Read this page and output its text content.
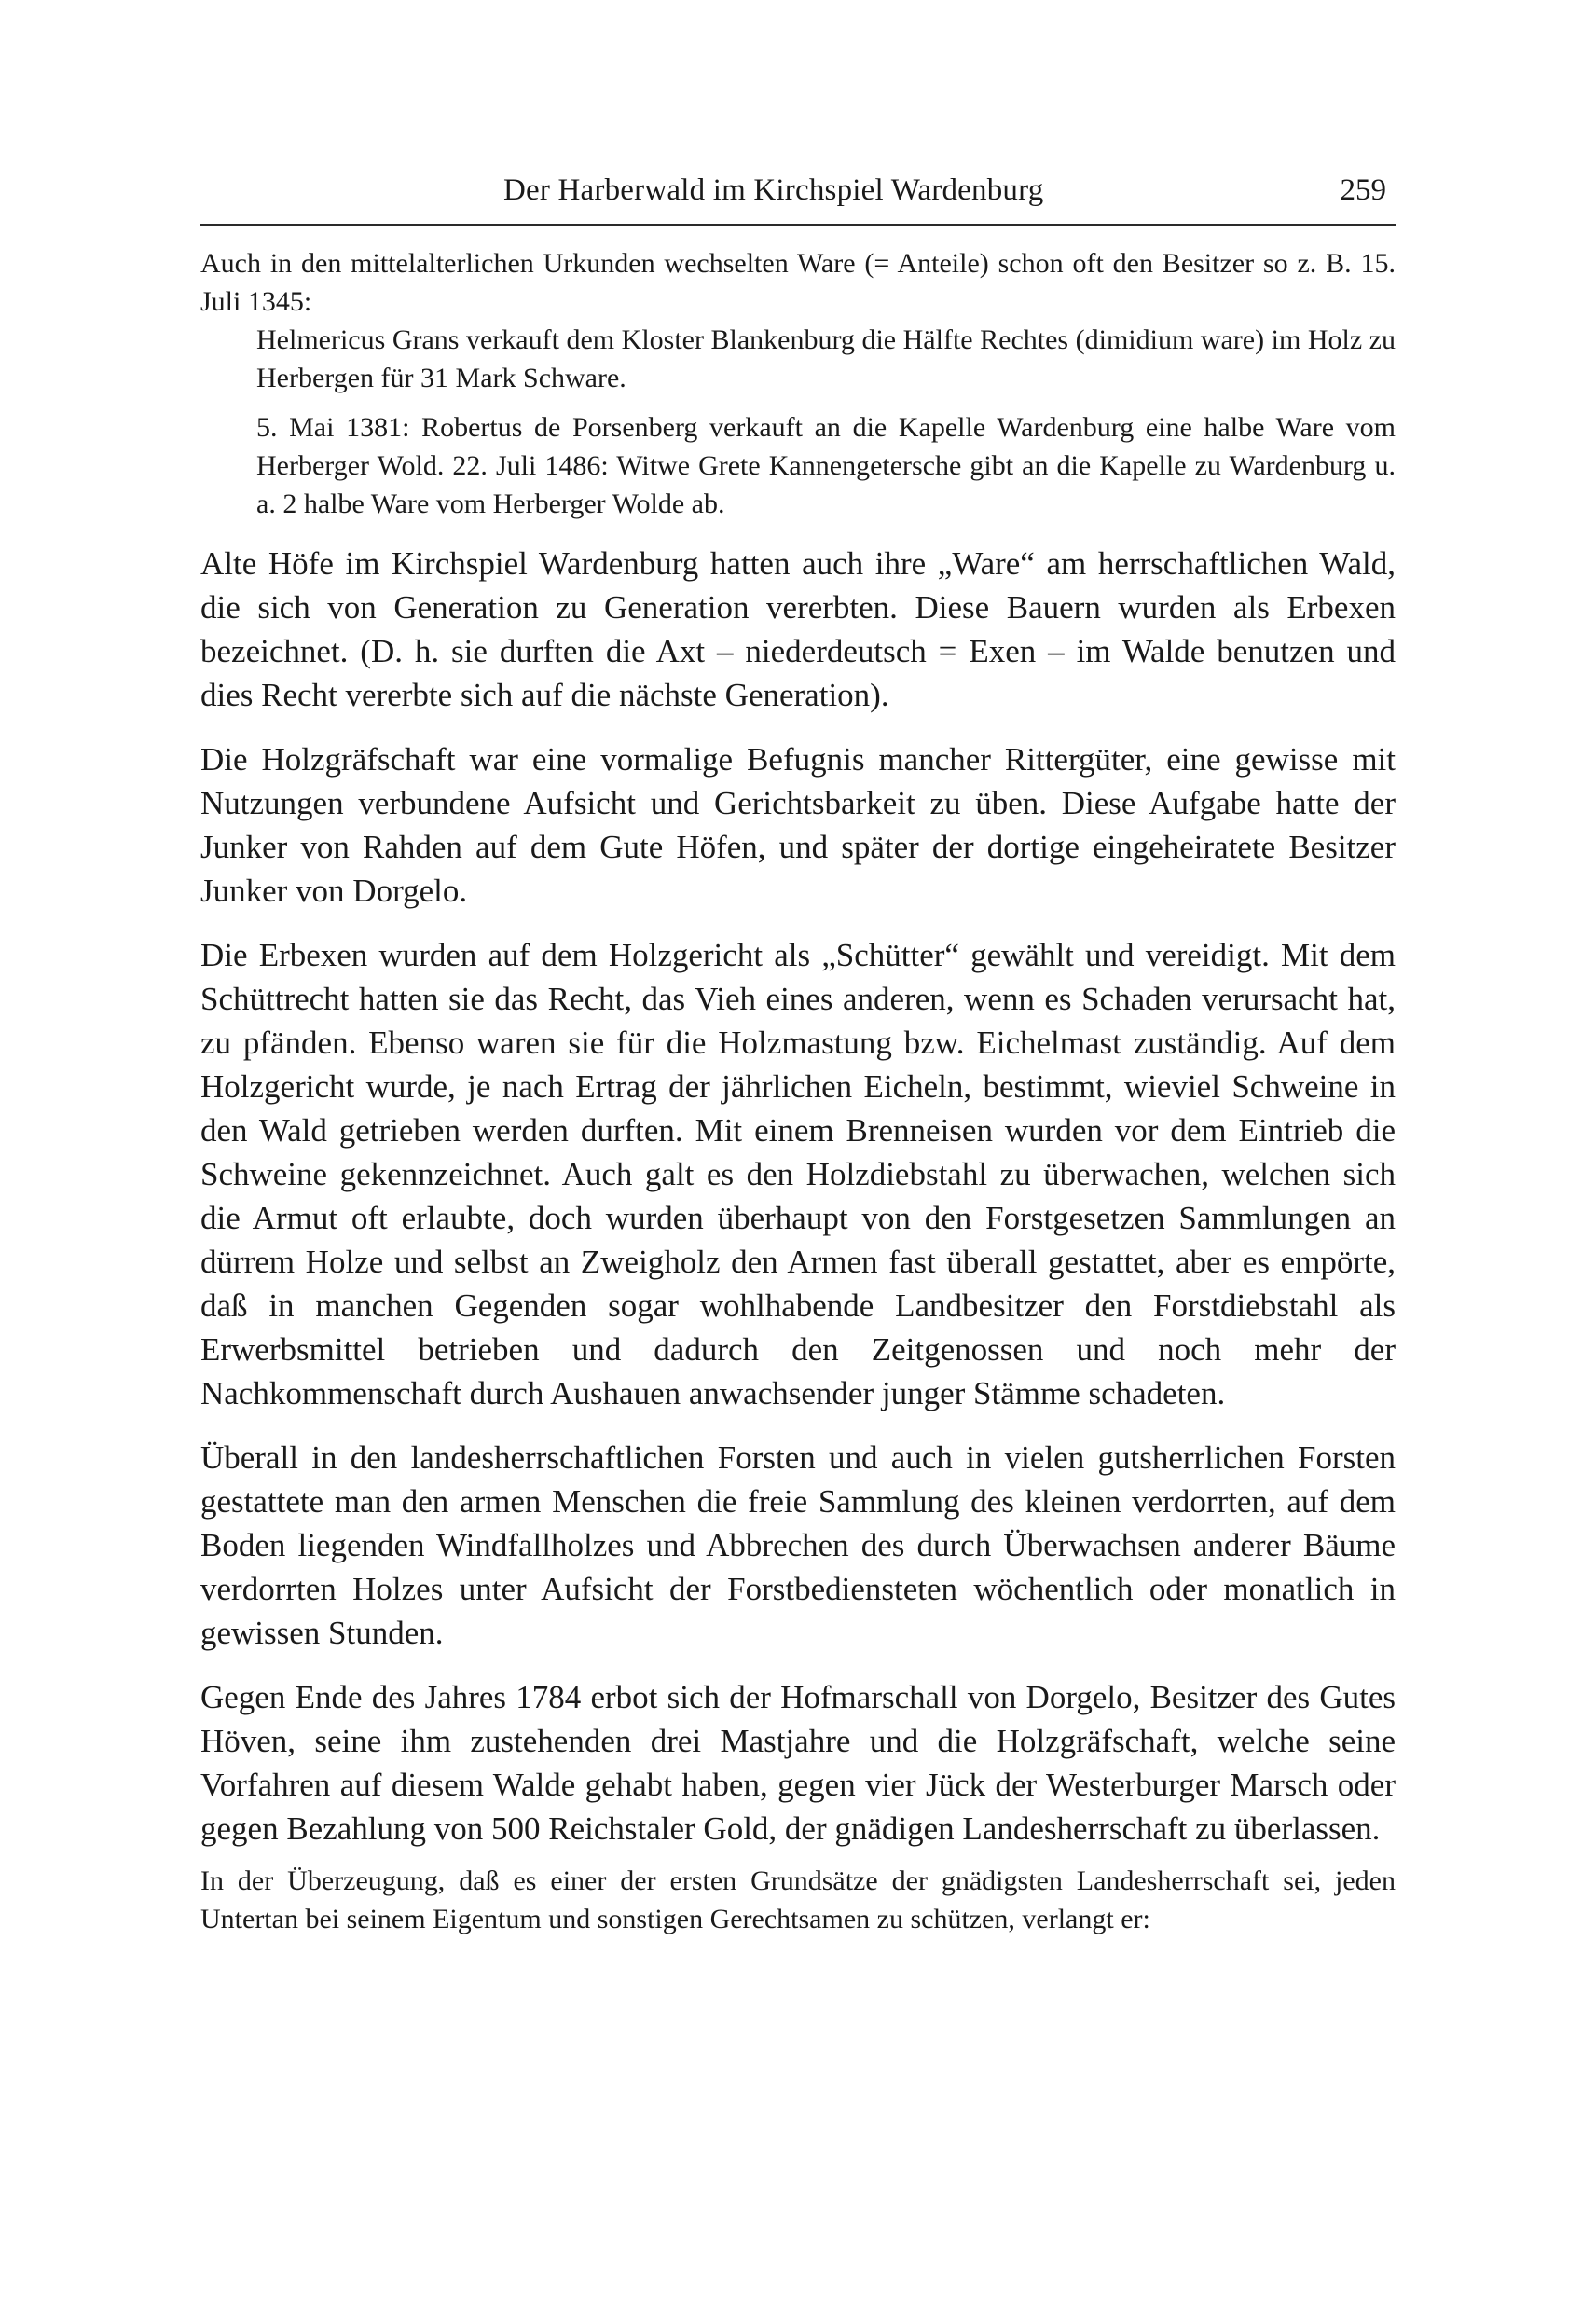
Der Harberwald im Kirchspiel Wardenburg	259

Auch in den mittelalterlichen Urkunden wechselten Ware (= Anteile) schon oft den Besitzer so z. B. 15. Juli 1345:

Helmericus Grans verkauft dem Kloster Blankenburg die Hälfte Rechtes (dimidium ware) im Holz zu Herbergen für 31 Mark Schware.

5. Mai 1381: Robertus de Porsenberg verkauft an die Kapelle Wardenburg eine halbe Ware vom Herberger Wold. 22. Juli 1486: Witwe Grete Kannengetersche gibt an die Kapelle zu Wardenburg u. a. 2 halbe Ware vom Herberger Wolde ab.

Alte Höfe im Kirchspiel Wardenburg hatten auch ihre „Ware“ am herrschaftlichen Wald, die sich von Generation zu Generation vererbten. Diese Bauern wurden als Erbexen bezeichnet. (D. h. sie durften die Axt – niederdeutsch = Exen – im Walde benutzen und dies Recht vererbte sich auf die nächste Generation).

Die Holzgräfschaft war eine vormalige Befugnis mancher Rittergüter, eine gewisse mit Nutzungen verbundene Aufsicht und Gerichtsbarkeit zu üben. Diese Aufgabe hatte der Junker von Rahden auf dem Gute Höfen, und später der dortige eingeheiratete Besitzer Junker von Dorgelo.

Die Erbexen wurden auf dem Holzgericht als „Schütter“ gewählt und vereidigt. Mit dem Schüttrecht hatten sie das Recht, das Vieh eines anderen, wenn es Schaden verursacht hat, zu pfänden. Ebenso waren sie für die Holzmastung bzw. Eichelmast zuständig. Auf dem Holzgericht wurde, je nach Ertrag der jährlichen Eicheln, bestimmt, wieviel Schweine in den Wald getrieben werden durften. Mit einem Brenneisen wurden vor dem Eintrieb die Schweine gekennzeichnet. Auch galt es den Holzdiebstahl zu überwachen, welchen sich die Armut oft erlaubte, doch wurden überhaupt von den Forstgesetzen Sammlungen an dürrem Holze und selbst an Zweigholz den Armen fast überall gestattet, aber es empörte, daß in manchen Gegenden sogar wohlhabende Landbesitzer den Forstdiebstahl als Erwerbsmittel betrieben und dadurch den Zeitgenossen und noch mehr der Nachkommenschaft durch Aushauen anwachsender junger Stämme schadeten.

Überall in den landesherrschaftlichen Forsten und auch in vielen gutsherrlichen Forsten gestattete man den armen Menschen die freie Sammlung des kleinen verdorrten, auf dem Boden liegenden Windfallholzes und Abbrechen des durch Überwachsen anderer Bäume verdorrten Holzes unter Aufsicht der Forstbediensteten wöchentlich oder monatlich in gewissen Stunden.

Gegen Ende des Jahres 1784 erbot sich der Hofmarschall von Dorgelo, Besitzer des Gutes Höven, seine ihm zustehenden drei Mastjahre und die Holzgräfschaft, welche seine Vorfahren auf diesem Walde gehabt haben, gegen vier Jück der Westerburger Marsch oder gegen Bezahlung von 500 Reichstaler Gold, der gnädigen Landesherrschaft zu überlassen.

In der Überzeugung, daß es einer der ersten Grundsätze der gnädigsten Landesherrschaft sei, jeden Untertan bei seinem Eigentum und sonstigen Gerechtsamen zu schützen, verlangt er:
